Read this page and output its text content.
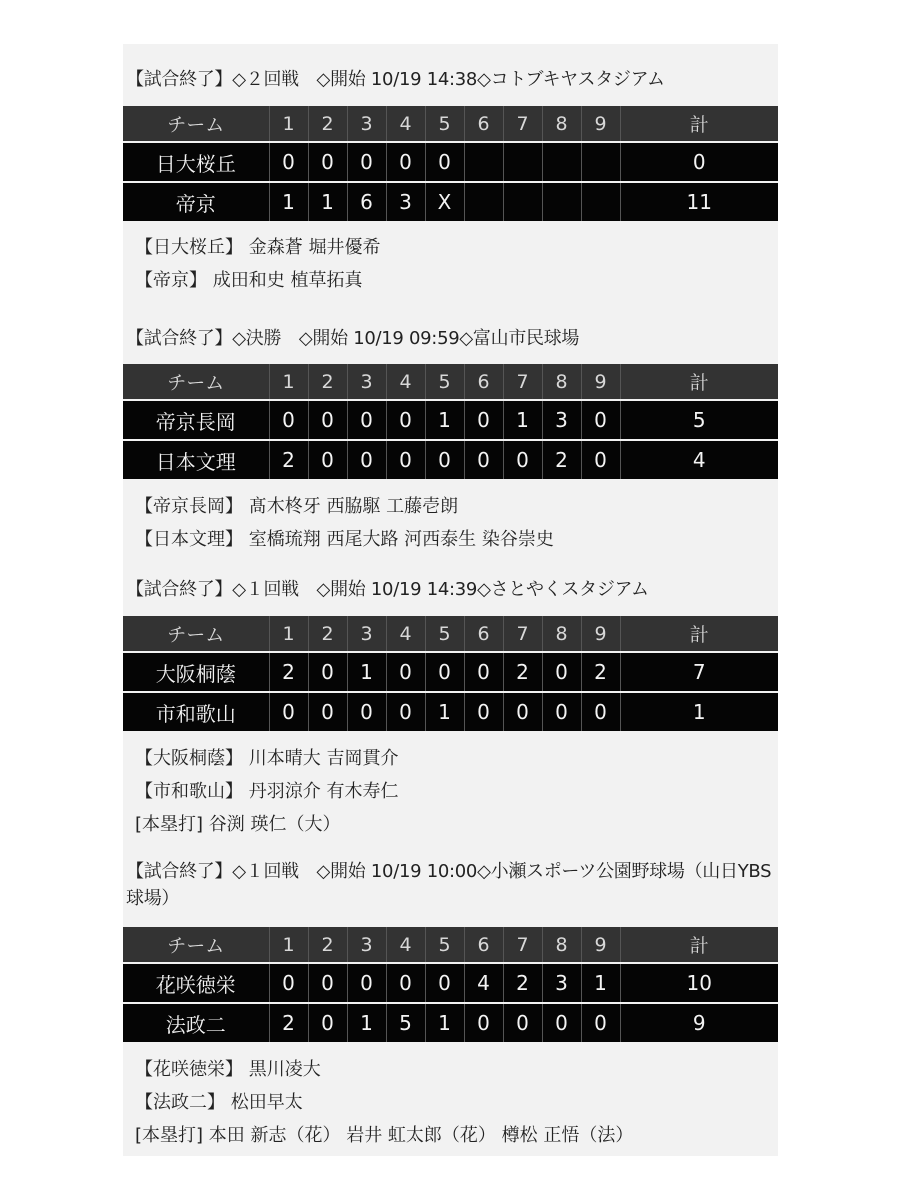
【試合終了】◇２回戦　◇開始 10/19 14:38◇コトブキヤスタジアム
チーム	1	2	3	4	5	6	7	8	9	計
日大桜丘	0	0	0	0	0					0
帝京	1	1	6	3	X					11
【日大桜丘】 金森蒼 堀井優希
【帝京】 成田和史 植草拓真
【試合終了】◇決勝　◇開始 10/19 09:59◇富山市民球場
チーム	1	2	3	4	5	6	7	8	9	計
帝京長岡	0	0	0	0	1	0	1	3	0	5
日本文理	2	0	0	0	0	0	0	2	0	4
【帝京長岡】 髙木柊牙 西脇駆 工藤壱朗
【日本文理】 室橋琉翔 西尾大路 河西泰生 染谷崇史
【試合終了】◇１回戦　◇開始 10/19 14:39◇さとやくスタジアム
チーム	1	2	3	4	5	6	7	8	9	計
大阪桐蔭	2	0	1	0	0	0	2	0	2	7
市和歌山	0	0	0	0	1	0	0	0	0	1
【大阪桐蔭】 川本晴大 吉岡貫介
【市和歌山】 丹羽涼介 有木寿仁
[本塁打] 谷渕 瑛仁（大）
【試合終了】◇１回戦　◇開始 10/19 10:00◇小瀬スポーツ公園野球場（山日YBS球場）
チーム	1	2	3	4	5	6	7	8	9	計
花咲徳栄	0	0	0	0	0	4	2	3	1	10
法政二	2	0	1	5	1	0	0	0	0	9
【花咲徳栄】 黒川凌大
【法政二】 松田早太
[本塁打] 本田 新志（花） 岩井 虹太郎（花） 樽松 正悟（法）
